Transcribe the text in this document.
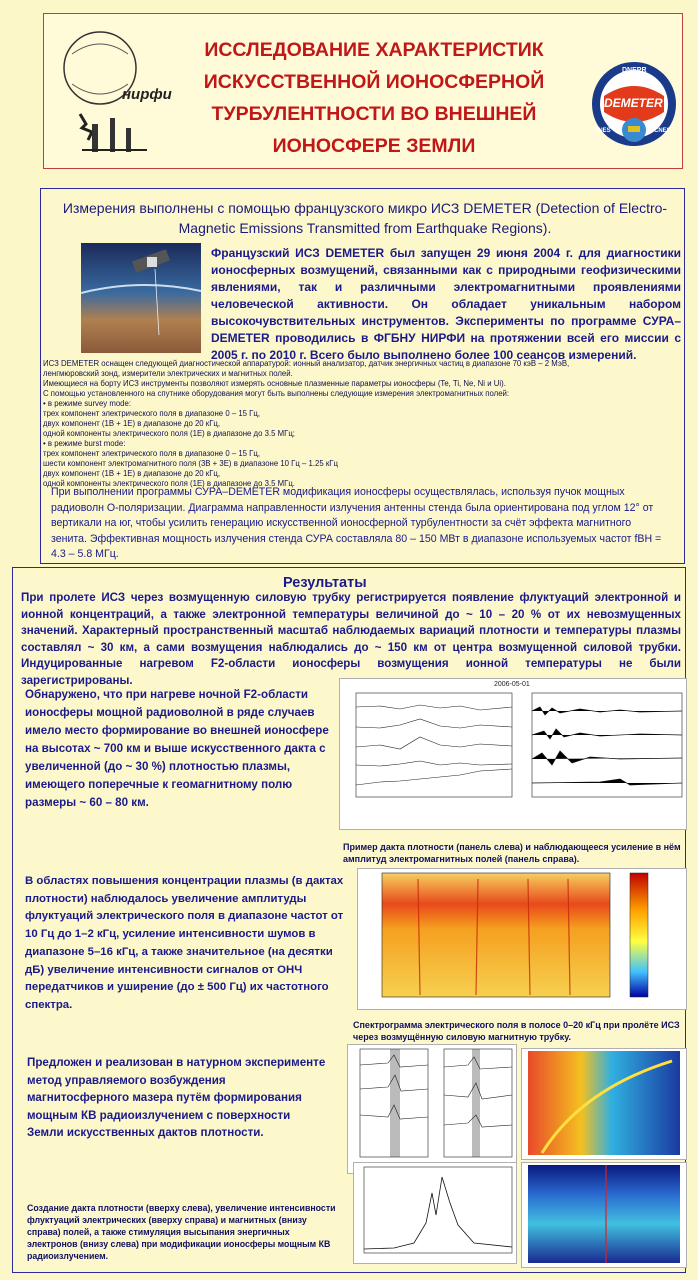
нирфи
ИССЛЕДОВАНИЕ ХАРАКТЕРИСТИК
ИСКУССТВЕННОЙ ИОНОСФЕРНОЙ
ТУРБУЛЕНТНОСТИ ВО ВНЕШНЕЙ
ИОНОСФЕРЕ ЗЕМЛИ
DNEPR
DEMETER
CNES	CNES

Измерения выполнены с помощью французского микро ИСЗ DEMETER (Detection of Electro-Magnetic Emissions Transmitted from Earthquake Regions).

Французский ИСЗ DEMETER был запущен 29 июня 2004 г. для диагностики ионосферных возмущений, связанными как с природными геофизическими явлениями, так и различными электромагнитными проявлениями человеческой активности. Он обладает уникальным набором высокочувствительных инструментов. Эксперименты по программе СУРА–DEMETER проводились в ФГБНУ НИРФИ на протяжении всей его миссии с 2005 г. по 2010 г. Всего было выполнено более 100 сеансов измерений.

ИСЗ DEMETER оснащен следующей диагностической аппаратурой: ионный анализатор, датчик энергичных частиц в диапазоне 70 кэВ – 2 МэВ,
ленгмюровский зонд, измерители электрических и магнитных полей.
Имеющиеся на борту ИСЗ инструменты позволяют измерять основные плазменные параметры ионосферы (Te, Ti, Ne, Ni и Ui).
С помощью установленного на спутнике оборудования могут быть выполнены следующие измерения электромагнитных полей:
• в режиме survey mode:
трех компонент электрического поля в диапазоне 0 – 15 Гц,
двух компонент (1В + 1Е) в диапазоне до 20 кГц,
одной компоненты электрического поля (1Е) в диапазоне до 3.5 МГц;
• в режиме burst mode:
трех компонент электрического поля в диапазоне 0 – 15 Гц,
шести компонент электромагнитного поля (3В + 3Е) в диапазоне 10 Гц – 1.25 кГц
двух компонент (1В + 1Е) в диапазоне до 20 кГц,
одной компоненты электрического поля (1Е) в диапазоне до 3.5 МГц.

При выполнении программы СУРА–DEMETER модификация ионосферы осуществлялась, используя пучок мощных радиоволн О-поляризации. Диаграмма направленности излучения антенны стенда была ориентирована под углом 12° от вертикали на юг, чтобы усилить генерацию искусственной ионосферной турбулентности за счёт эффекта магнитного зенита. Эффективная мощность излучения стенда СУРА составляла 80 – 150 МВт в диапазоне используемых частот fВН = 4.3 – 5.8 МГц.

Результаты

При пролете ИСЗ через возмущенную силовую трубку регистрируется появление флуктуаций электронной и ионной концентраций, а также электронной температуры величиной до ~ 10 – 20 % от их невозмущенных значений. Характерный пространственный масштаб наблюдаемых вариаций плотности и температуры плазмы составлял ~ 30 км, а сами возмущения наблюдались до ~ 150 км от центра возмущенной силовой трубки. Индуцированные нагревом F2-области ионосферы возмущения ионной температуры не были зарегистрированы.

Обнаружено, что при нагреве ночной F2-области ионосферы мощной радиоволной в ряде случаев имело место формирование во внешней ионосфере на высотах ~ 700 км и выше искусственного дакта с увеличенной (до ~ 30 %) плотностью плазмы, имеющего поперечные к геомагнитному полю размеры ~ 60 – 80 км.

2006-05-01

Пример дакта плотности (панель слева) и наблюдающееся усиление в нём амплитуд электромагнитных полей (панель справа).

В областях повышения концентрации плазмы (в дактах плотности) наблюдалось увеличение амплитуды флуктуаций электрического поля в диапазоне частот от 10 Гц до 1–2 кГц, усиление интенсивности шумов в диапазоне 5–16 кГц, а также значительное (на десятки дБ) увеличение интенсивности сигналов от ОНЧ передатчиков и уширение (до ± 500 Гц) их частотного спектра.

Спектрограмма электрического поля в полосе 0–20 кГц при пролёте ИСЗ через возмущённую силовую магнитную трубку.

Предложен и реализован в натурном эксперименте метод управляемого возбуждения магнитосферного мазера путём формирования мощным КВ радиоизлучением с поверхности Земли искусственных дактов плотности.

Создание дакта плотности (вверху слева), увеличение интенсивности флуктуаций электрических (вверху справа) и магнитных (внизу справа) полей, а также стимуляция высыпания энергичных электронов (внизу слева) при модификации ионосферы мощным КВ радиоизлучением.
